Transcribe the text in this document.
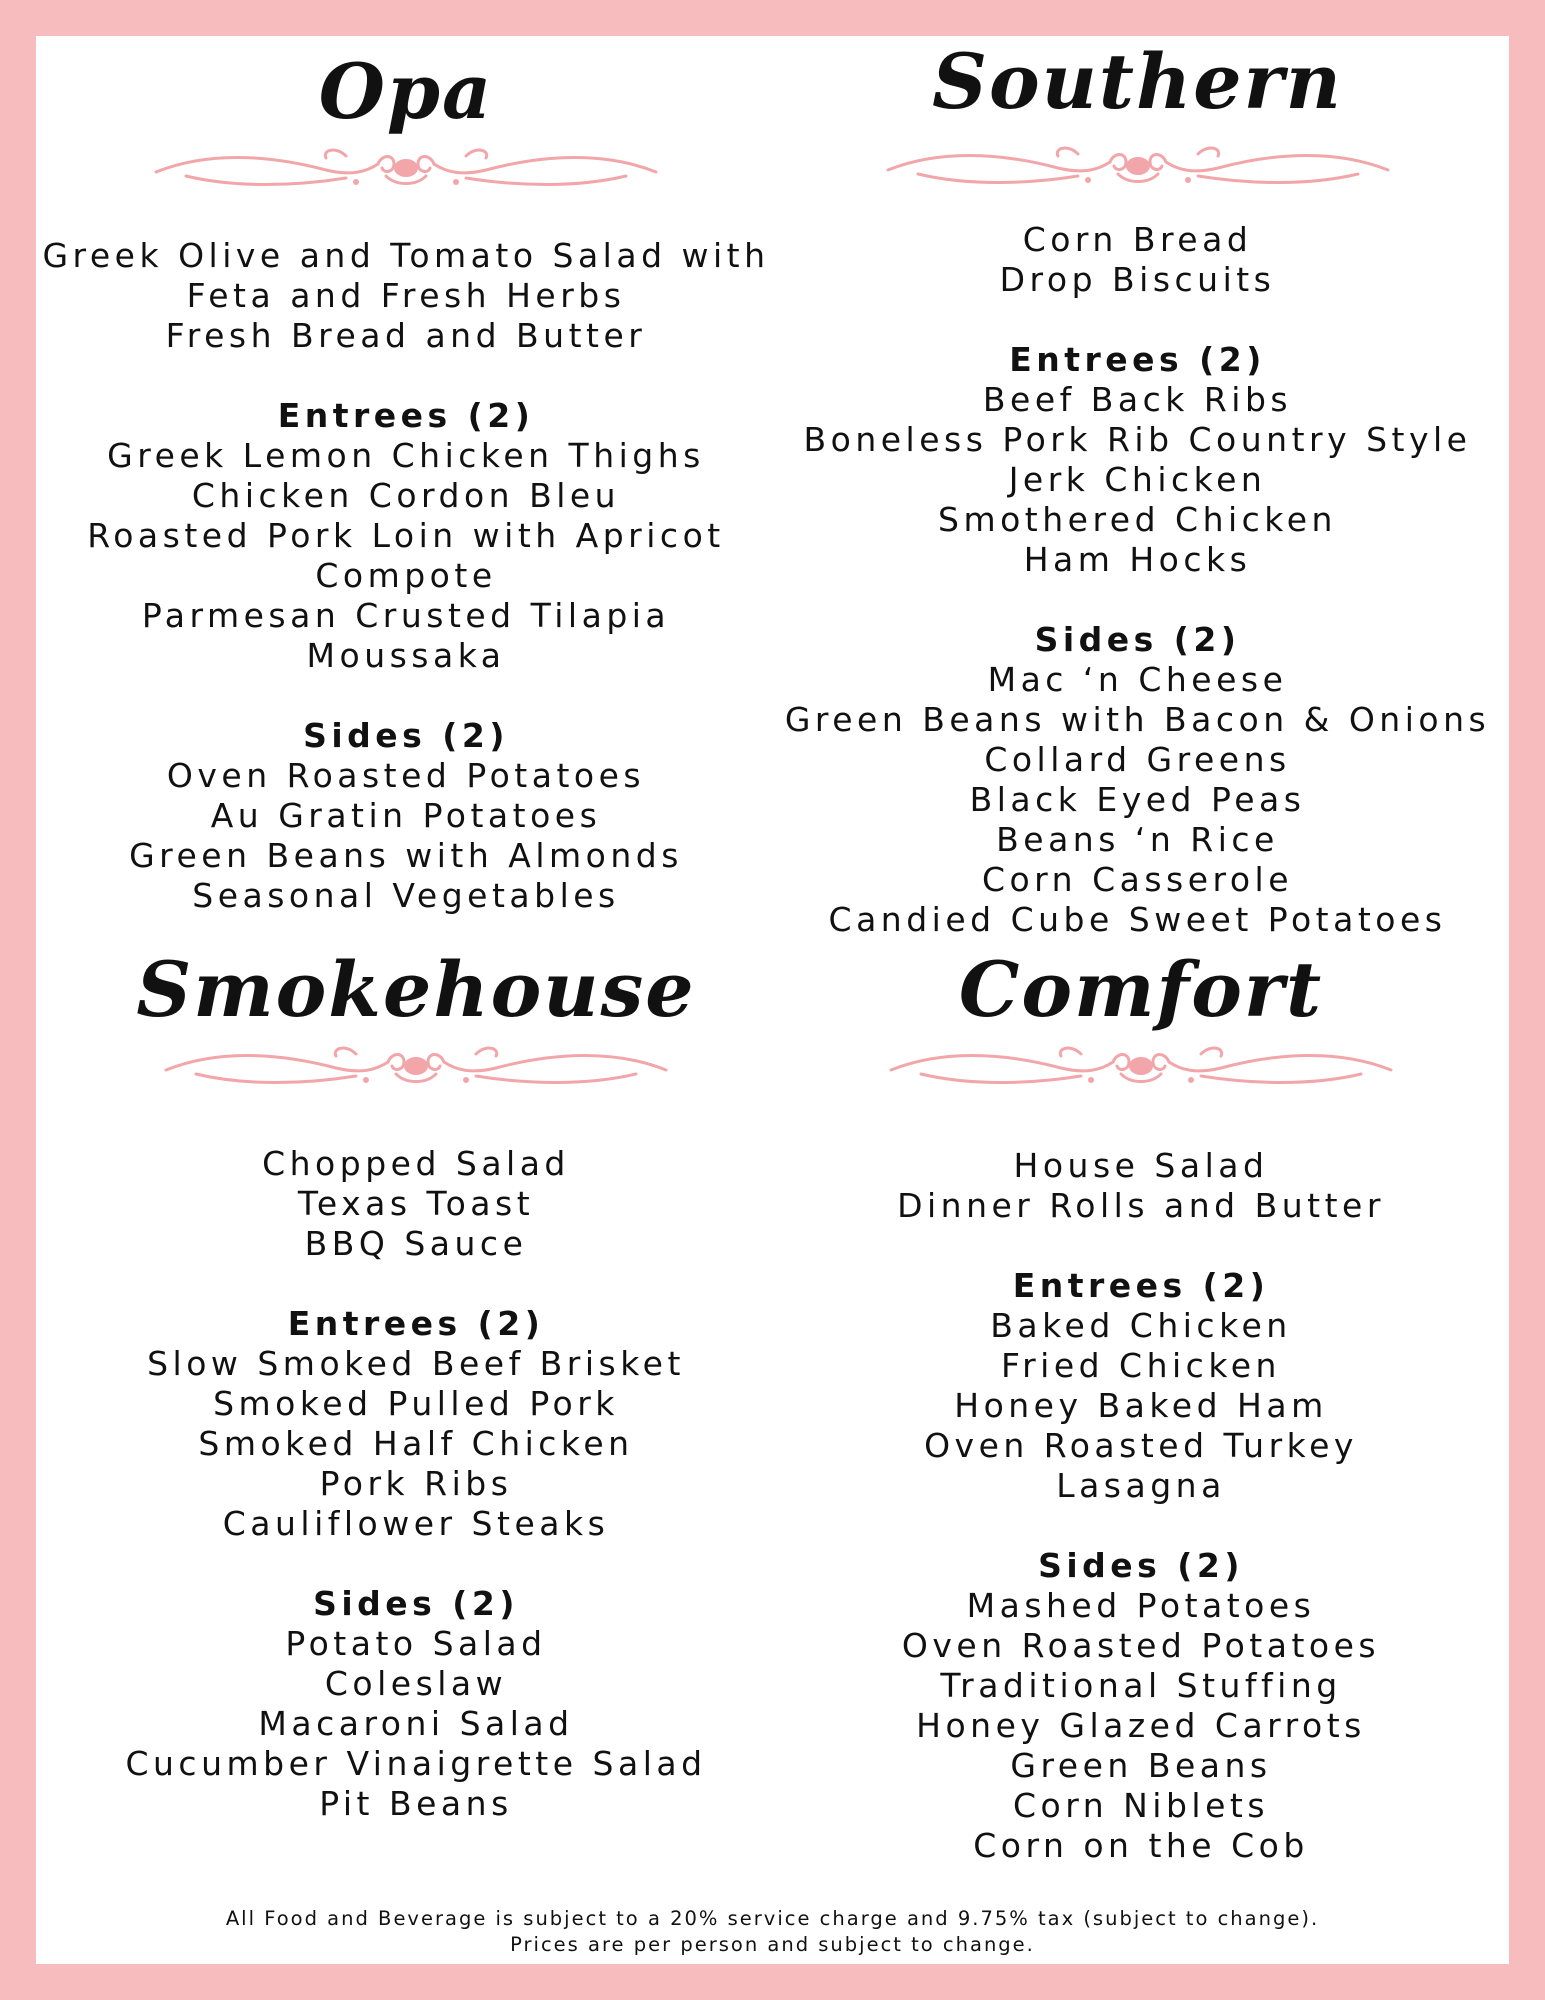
Opa
Greek Olive and Tomato Salad with
Feta and Fresh Herbs
Fresh Bread and Butter
Entrees (2)
Greek Lemon Chicken Thighs
Chicken Cordon Bleu
Roasted Pork Loin with Apricot
Compote
Parmesan Crusted Tilapia
Moussaka
Sides (2)
Oven Roasted Potatoes
Au Gratin Potatoes
Green Beans with Almonds
Seasonal Vegetables
Southern
Corn Bread
Drop Biscuits
Entrees (2)
Beef Back Ribs
Boneless Pork Rib Country Style
Jerk Chicken
Smothered Chicken
Ham Hocks
Sides (2)
Mac ‘n Cheese
Green Beans with Bacon & Onions
Collard Greens
Black Eyed Peas
Beans ‘n Rice
Corn Casserole
Candied Cube Sweet Potatoes
Smokehouse
Chopped Salad
Texas Toast
BBQ Sauce
Entrees (2)
Slow Smoked Beef Brisket
Smoked Pulled Pork
Smoked Half Chicken
Pork Ribs
Cauliflower Steaks
Sides (2)
Potato Salad
Coleslaw
Macaroni Salad
Cucumber Vinaigrette Salad
Pit Beans
Comfort
House Salad
Dinner Rolls and Butter
Entrees (2)
Baked Chicken
Fried Chicken
Honey Baked Ham
Oven Roasted Turkey
Lasagna
Sides (2)
Mashed Potatoes
Oven Roasted Potatoes
Traditional Stuffing
Honey Glazed Carrots
Green Beans
Corn Niblets
Corn on the Cob
All Food and Beverage is subject to a 20% service charge and 9.75% tax (subject to change).
Prices are per person and subject to change.
